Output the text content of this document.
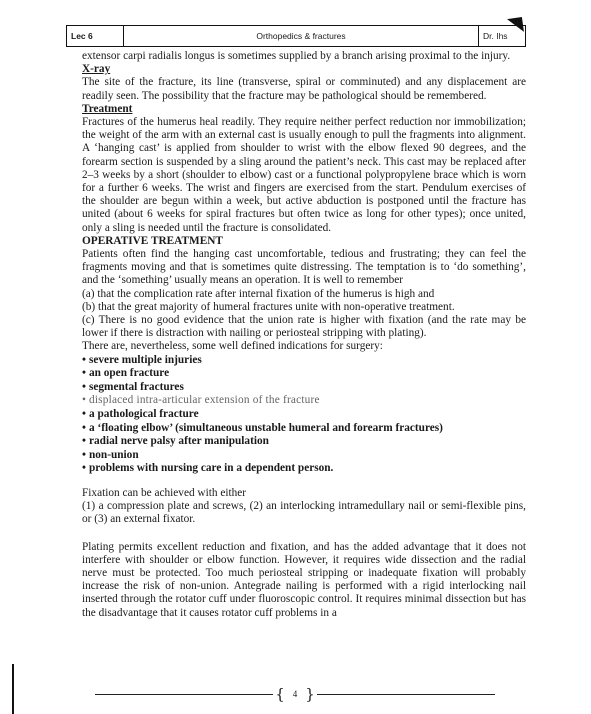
Lec 6	Orthopedics & fractures	Dr. Ihs

extensor carpi radialis longus is sometimes supplied by a branch arising proximal to the injury.

X-ray

The site of the fracture, its line (transverse, spiral or comminuted) and any displacement are readily seen. The possibility that the fracture may be pathological should be remembered.

Treatment

Fractures of the humerus heal readily. They require neither perfect reduction nor immobilization; the weight of the arm with an external cast is usually enough to pull the fragments into alignment. A ‘hanging cast’ is applied from shoulder to wrist with the elbow flexed 90 degrees, and the forearm section is suspended by a sling around the patient’s neck. This cast may be replaced after 2–3 weeks by a short (shoulder to elbow) cast or a functional polypropylene brace which is worn for a further 6 weeks. The wrist and fingers are exercised from the start. Pendulum exercises of the shoulder are begun within a week, but active abduction is postponed until the fracture has united (about 6 weeks for spiral fractures but often twice as long for other types); once united, only a sling is needed until the fracture is consolidated.

OPERATIVE TREATMENT

Patients often find the hanging cast uncomfortable, tedious and frustrating; they can feel the fragments moving and that is sometimes quite distressing. The temptation is to ‘do something’, and the ‘something’ usually means an operation. It is well to remember

(a) that the complication rate after internal fixation of the humerus is high and

(b) that the great majority of humeral fractures unite with non-operative treatment.

(c) There is no good evidence that the union rate is higher with fixation (and the rate may be lower if there is distraction with nailing or periosteal stripping with plating).

There are, nevertheless, some well defined indications for surgery:

• severe multiple injuries
• an open fracture
• segmental fractures
• displaced intra-articular extension of the fracture
• a pathological fracture
• a ‘floating elbow’ (simultaneous unstable humeral and forearm fractures)
• radial nerve palsy after manipulation
• non-union
• problems with nursing care in a dependent person.

Fixation can be achieved with either

(1) a compression plate and screws, (2) an interlocking intramedullary nail or semi-flexible pins, or (3) an external fixator.

Plating permits excellent reduction and fixation, and has the added advantage that it does not interfere with shoulder or elbow function. However, it requires wide dissection and the radial nerve must be protected. Too much periosteal stripping or inadequate fixation will probably increase the risk of non-union. Antegrade nailing is performed with a rigid interlocking nail inserted through the rotator cuff under fluoroscopic control. It requires minimal dissection but has the disadvantage that it causes rotator cuff problems in a

{ 4 }
